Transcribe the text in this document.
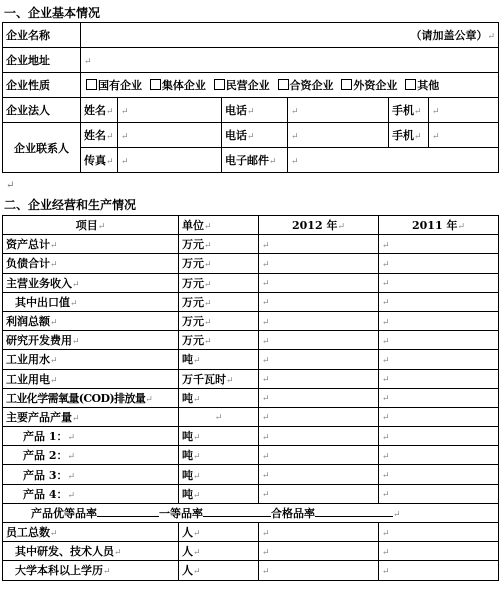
一、企业基本情况
企业名称	（请加盖公章）↵					
企业地址	↵					
企业性质	国有企业 集体企业 民营企业 合资企业 外资企业 其他					
企业法人	姓名↵	↵	电话↵	↵	手机↵	↵
企业联系人	姓名↵	↵	电话↵	↵	手机↵	↵
	传真↵	↵	电子邮件↵	↵		
↵
二、企业经营和生产情况
项目↵	单位↵	2012 年↵	2011 年↵
资产总计↵	万元↵	↵	↵
负债合计↵	万元↵	↵	↵
主营业务收入↵	万元↵	↵	↵
其中出口值↵	万元↵	↵	↵
利润总额↵	万元↵	↵	↵
研究开发费用↵	万元↵	↵	↵
工业用水↵	吨↵	↵	↵
工业用电↵	万千瓦时↵	↵	↵
工业化学需氧量(COD)排放量↵	吨↵	↵	↵
主要产品产量↵	↵	↵	↵
产品 1：↵	吨↵	↵	↵
产品 2：↵	吨↵	↵	↵
产品 3：↵	吨↵	↵	↵
产品 4：↵	吨↵	↵	↵
产品优等品率 一等品率 合格品率 ↵			
员工总数↵	人↵	↵	↵
其中研发、技术人员↵	人↵	↵	↵
大学本科以上学历↵	人↵	↵	↵
